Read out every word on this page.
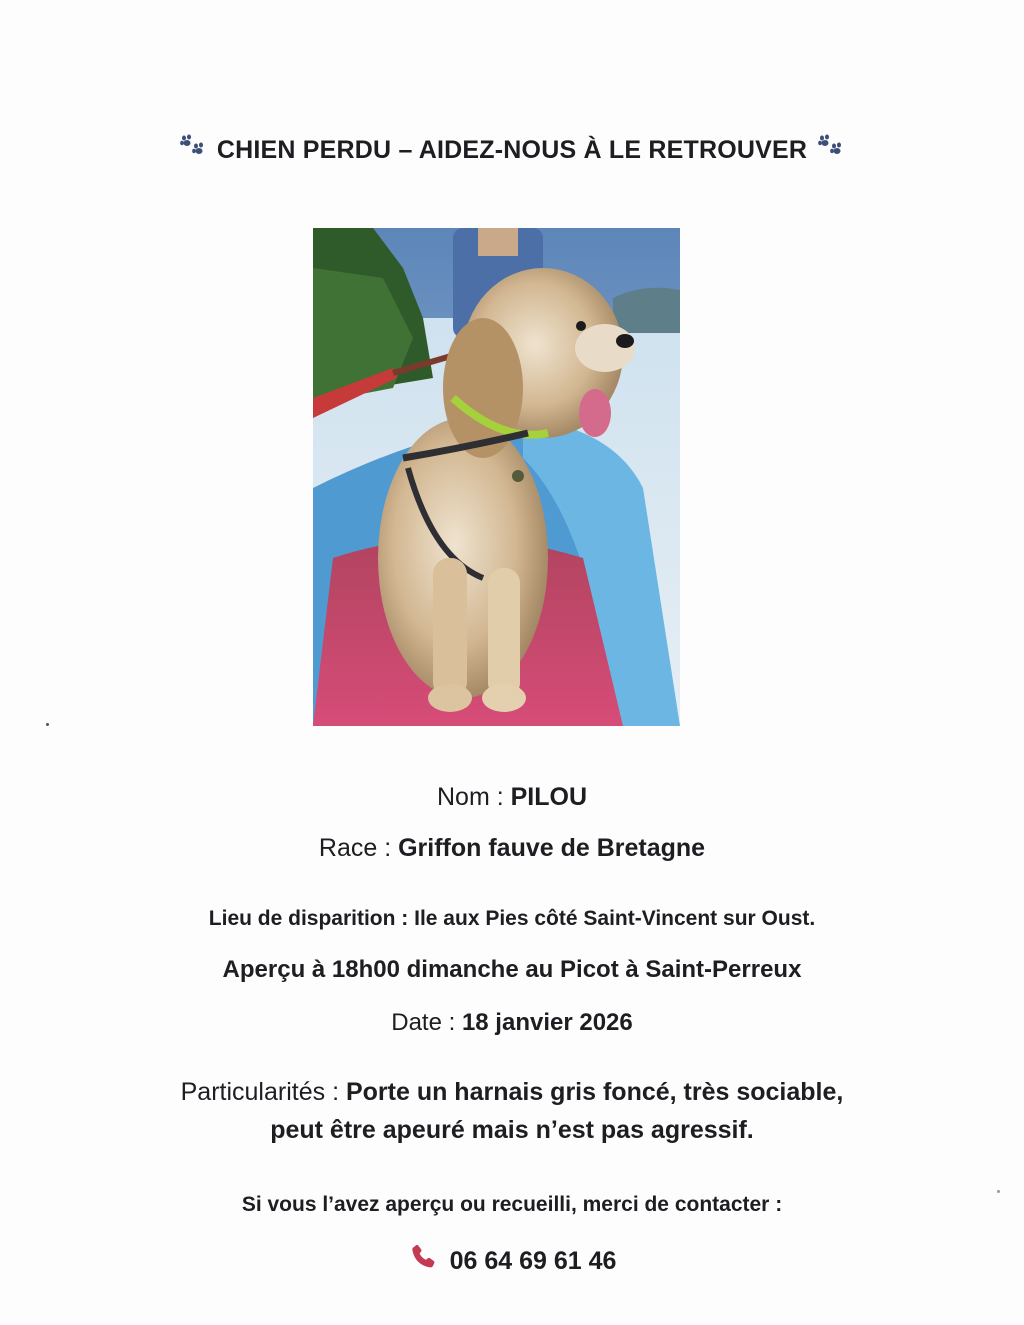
CHIEN PERDU – AIDEZ-NOUS À LE RETROUVER
Nom : PILOU
Race : Griffon fauve de Bretagne
Lieu de disparition : Ile aux Pies côté Saint-Vincent sur Oust.
Aperçu à 18h00 dimanche au Picot à Saint-Perreux
Date : 18 janvier 2026
Particularités : Porte un harnais gris foncé, très sociable,
peut être apeuré mais n’est pas agressif.
Si vous l’avez aperçu ou recueilli, merci de contacter :
06 64 69 61 46
